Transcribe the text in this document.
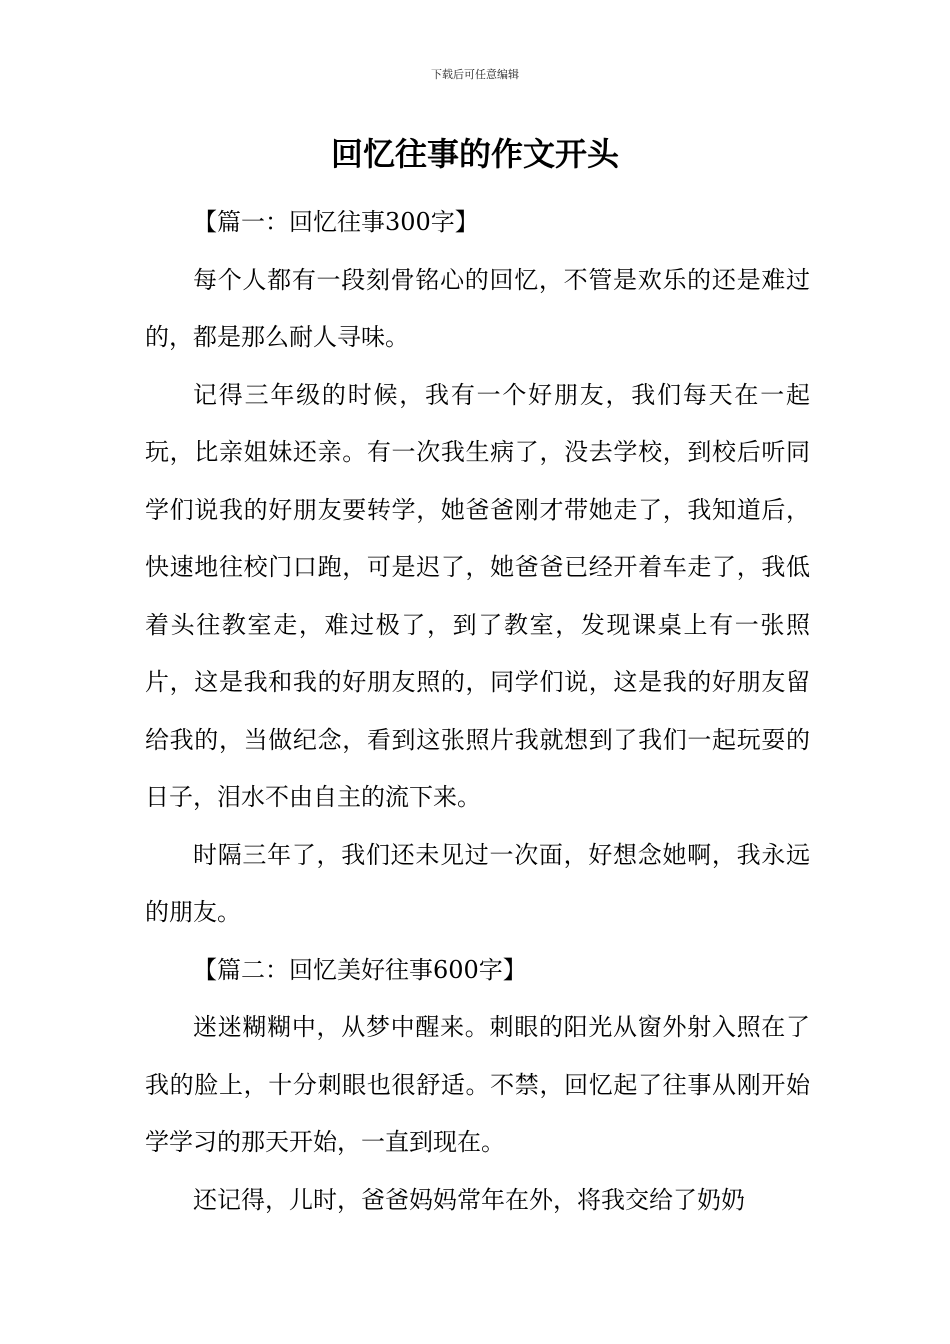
下载后可任意编辑
回忆往事的作文开头

【篇一：回忆往事300字】

每个人都有一段刻骨铭心的回忆，不管是欢乐的还是难过的，都是那么耐人寻味。

记得三年级的时候，我有一个好朋友，我们每天在一起玩，比亲姐妹还亲。有一次我生病了，没去学校，到校后听同学们说我的好朋友要转学，她爸爸刚才带她走了，我知道后，快速地往校门口跑，可是迟了，她爸爸已经开着车走了，我低着头往教室走，难过极了，到了教室，发现课桌上有一张照片，这是我和我的好朋友照的，同学们说，这是我的好朋友留给我的，当做纪念，看到这张照片我就想到了我们一起玩耍的日子，泪水不由自主的流下来。

时隔三年了，我们还未见过一次面，好想念她啊，我永远的朋友。

【篇二：回忆美好往事600字】

迷迷糊糊中，从梦中醒来。刺眼的阳光从窗外射入照在了我的脸上，十分刺眼也很舒适。不禁，回忆起了往事从刚开始学学习的那天开始，一直到现在。

还记得，儿时，爸爸妈妈常年在外，将我交给了奶奶
